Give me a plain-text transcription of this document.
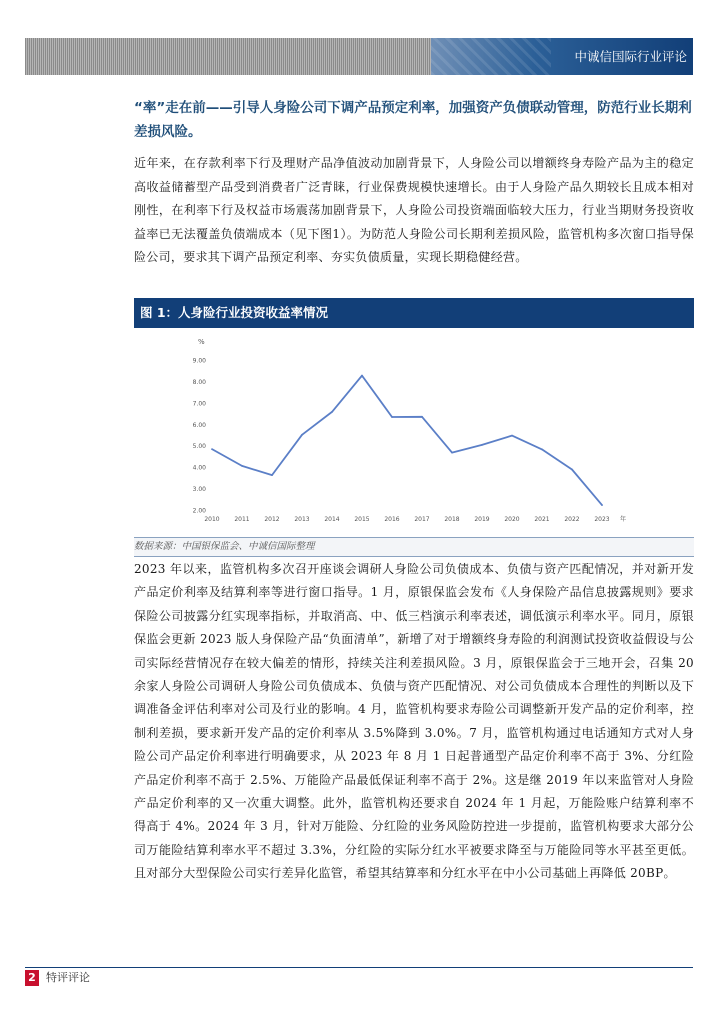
中诚信国际行业评论
“率”走在前——引导人身险公司下调产品预定利率，加强资产负债联动管理，防范行业长期利差损风险。
近年来，在存款利率下行及理财产品净值波动加剧背景下，人身险公司以增额终身寿险产品为主的稳定高收益储蓄型产品受到消费者广泛青睐，行业保费规模快速增长。由于人身险产品久期较长且成本相对刚性，在利率下行及权益市场震荡加剧背景下，人身险公司投资端面临较大压力，行业当期财务投资收益率已无法覆盖负债端成本（见下图1）。为防范人身险公司长期利差损风险，监管机构多次窗口指导保险公司，要求其下调产品预定利率、夯实负债质量，实现长期稳健经营。
图 1：人身险行业投资收益率情况
%
2.00
3.00
4.00
5.00
6.00
7.00
8.00
9.00
2010 2011 2012 2013 2014 2015 2016 2017 2018 2019 2020 2021 2022 2023 年
数据来源：中国银保监会、中诚信国际整理
2023 年以来，监管机构多次召开座谈会调研人身险公司负债成本、负债与资产匹配情况，并对新开发产品定价利率及结算利率等进行窗口指导。1 月，原银保监会发布《人身保险产品信息披露规则》要求保险公司披露分红实现率指标，并取消高、中、低三档演示利率表述，调低演示利率水平。同月，原银保监会更新 2023 版人身保险产品“负面清单”，新增了对于增额终身寿险的利润测试投资收益假设与公司实际经营情况存在较大偏差的情形，持续关注利差损风险。3 月，原银保监会于三地开会，召集 20 余家人身险公司调研人身险公司负债成本、负债与资产匹配情况、对公司负债成本合理性的判断以及下调准备金评估利率对公司及行业的影响。4 月，监管机构要求寿险公司调整新开发产品的定价利率，控制利差损，要求新开发产品的定价利率从 3.5%降到 3.0%。7 月，监管机构通过电话通知方式对人身险公司产品定价利率进行明确要求，从 2023 年 8 月 1 日起普通型产品定价利率不高于 3%、分红险产品定价利率不高于 2.5%、万能险产品最低保证利率不高于 2%。这是继 2019 年以来监管对人身险产品定价利率的又一次重大调整。此外，监管机构还要求自 2024 年 1 月起，万能险账户结算利率不得高于 4%。2024 年 3 月，针对万能险、分红险的业务风险防控进一步提前，监管机构要求大部分公司万能险结算利率水平不超过 3.3%，分红险的实际分红水平被要求降至与万能险同等水平甚至更低。且对部分大型保险公司实行差异化监管，希望其结算率和分红水平在中小公司基础上再降低 20BP。
2 特评评论
